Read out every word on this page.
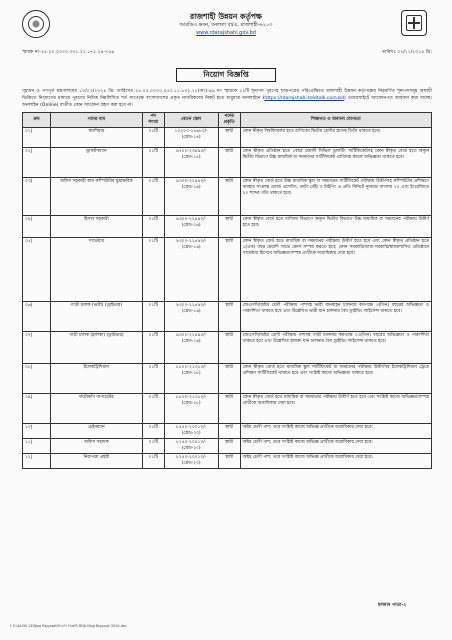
রাজশাহী উন্নয়ন কর্তৃপক্ষ
আরডিএ ভবন, বনলতা বা/এ, রাজশাহী-৬২০৩
www.rdarajshahi.gov.bd
স্মারক নং-২৫.০০.০০০০.০৩১.১১.১৭২.২৪-৭২৬	তারিখঃ ০৭/১১/২০২৪ খ্রি:
নিয়োগ বিজ্ঞপ্তি
গৃহায়ন ও গণপূর্ত মন্ত্রণালয়ের ১০/০৩/২০২৪ খ্রি: তারিখের ২৫.০০.০০০০.০৫৩.১১.৫৩২.২২(অং)-৯৯ নং স্মারকে ১২টি শূন্যপদ পূরণের ছাড়পত্রের পরিপ্রেক্ষিতে রাজশাহী উন্নয়ন কর্তৃপক্ষের নিম্নবর্ণিত শূন্যপদসমূহ অস্থায়ী ভিত্তিতে নিয়োগের মাধ্যমে পূরণের নিমিত্ত নিম্নলিখিত শর্ত সাপেক্ষে বাংলাদেশের প্রকৃত নাগরিকদের নিকট হতে শুধুমাত্র অনলাইনে (https://rdarajshahi.teletalk.com.bd) ওয়েবসাইটে আবেদনপত্র আহবান করা যাচ্ছে। অনলাইন (Online) ব্যতীত কোন আবেদন গ্রহণ করা হবে না।
ক্রম	পদের নাম	পদ সংখ্যা	বেতন স্কেল	পদের প্রকৃতি	শিক্ষাগত ও অন্যান্য যোগ্যতা
০১|	ক্যাশিয়ার	০১টি	১০২০০-২৪৬৮০/- (গ্রেড-১৪)	স্থায়ী	কোন স্বীকৃত বিশ্ববিদ্যালয় হতে বাণিজ্যে দ্বিতীয় শ্রেণীর স্নাতক ডিগ্রি থাকতে হবে।
০২|	ড্রাফটসম্যান	০১টি	৯৭০০-২৩৪৯০/- (গ্রেড-১৫)	স্থায়ী	কোন স্বীকৃত প্রতিষ্ঠান হতে ১বছর মেয়াদী সিভিল ড্রাফটিং সার্টিফিকেটসহ কোন স্বীকৃত বোর্ড হতে অন্যূন দ্বিতীয় বিভাগে উচ্চ মাধ্যমিক বা সমমানের সার্টিফিকেট প্রাপ্তিসহ কাজে অভিজ্ঞতা থাকতে হবে।
০৩|	অফিস সহকারী কাম কম্পিউটার মুদ্রাক্ষরিক	০১টি	৯৩০০-২২৪৯০/- (গ্রেড-১৬)	স্থায়ী	কোন স্বীকৃত বোর্ড হতে উচ্চ মাধ্যমিক স্কুল বা সমমানের সার্টিফিকেট পরীক্ষায় উত্তীর্ণসহ কম্পিউটার প্রশিক্ষণে ব্যবহার সংক্রান্ত ওয়ার্ড প্রসেসিং, ডাটা এন্ট্রি ও টাইপিং এ প্রতি মিনিটে ন্যূনতম বাংলায় ২০ এবং ইংরেজিতে ২০ শব্দের গতি থাকতে হবে।
০৪|	হিসাব সহকারী	০১টি	৯৩০০-২২৪৯০/- (গ্রেড-১৬)	স্থায়ী	কোন স্বীকৃত বোর্ড হতে বাণিজ্য বিভাগে অন্যূন দ্বিতীয় বিভাগে উচ্চ মাধ্যমিক বা সমমানের পরীক্ষায় উত্তীর্ণ হতে হবে।
০৫|	সার্ভেয়ার	০১টি	৯৩০০-২২৪৯০/- (গ্রেড-১৬)	স্থায়ী	কোন স্বীকৃত বোর্ড হতে মাধ্যমিক বা সমমানের পরীক্ষায় উত্তীর্ণ হতে হবে এবং কোন স্বীকৃত প্রতিষ্ঠান হতে ১(এক) বছর মেয়াদি সার্ভে কোর্স সম্পন্ন করতে হবে; কোন সরকারি/আধা-সরকারি/স্বায়ত্তশাসিত প্রতিষ্ঠানে সার্ভেয়ার হিসেবে অভিজ্ঞতাসম্পন্ন প্রার্থীকে অগ্রাধিকার দেয়া হবে।
০৬|	গাড়ী চালক (ভারী) (ড্রাইভার)	০১টি	৯৩০০-২২৪৯০/- (গ্রেড-১৬)	স্থায়ী	জেএসসি/অষ্টম শ্রেণী পরীক্ষায় পাশসহ ভারী যানবাহন চালনায় কমপক্ষে ৩(তিন) বছরের অভিজ্ঞতা ও পারদর্শিতা থাকতে হবে এবং উল্লেখিত ভারী যান চালনার বৈধ ড্রাইভিং লাইসেন্স থাকতে হবে।
০৭|	গাড়ী চালক (হালকা) (ড্রাইভার)	০১টি	৯৩০০-২২৪৯০/- (গ্রেড-১৬)	স্থায়ী	জেএসসি/অষ্টম শ্রেণী পরীক্ষায় পাশসহ গাড়ী চালনায় কমপক্ষে ০৩(তিন) বছরের অভিজ্ঞতা ও পারদর্শিতা থাকতে হবে এবং উল্লেখিত হালকা যান চালনার বৈধ ড্রাইভিং লাইসেন্স থাকতে হবে।
০৮|	ইলেকট্রিশিয়ান	০১টি	৮৮০০-২১৩১০/- (গ্রেড-১৮)	স্থায়ী	কোন স্বীকৃত বোর্ড হতে মাধ্যমিক স্কুল সার্টিফিকেট বা সমমানের পরীক্ষায় উত্তীর্ণসহ ইলেকট্রিশিয়ান ট্রেডে প্রশিক্ষণ সার্টিফিকেট থাকতে হবে এবং সংশ্লিষ্ট কাজে অভিজ্ঞতা থাকতে হবে।
০৯|	ফটোকপি অপারেটর	০১টি	৮৮০০-২১৩১০/- (গ্রেড-১৮)	স্থায়ী	কোন স্বীকৃত বোর্ড হতে মাধ্যমিক বা সমমানের পরীক্ষায় উত্তীর্ণ হতে হবে এবং সংশ্লিষ্ট কাজে অভিজ্ঞতাসম্পন্ন প্রার্থীকে অগ্রাধিকার দেয়া হবে।
১০|	চেইনম্যান	০১টি	৮২৫০-২০০১০/- (গ্রেড-২০)	স্থায়ী	অষ্টম শ্রেণী পাশ; তবে সংশ্লিষ্ট কাজে অভিজ্ঞ প্রার্থীকে অগ্রাধিকার দেয়া হবে।
১১|	অফিস সহায়ক	০১টি	৮২৫০-২০০১০/- (গ্রেড-২০)	স্থায়ী	অষ্টম শ্রেণী পাশ; তবে সংশ্লিষ্ট কাজে অভিজ্ঞ প্রার্থীকে অগ্রাধিকার দেয়া হবে।
১২|	নিরাপত্তা প্রহরী	০১টি	৮২৫০-২০০১০/- (গ্রেড-২০)	স্থায়ী	অষ্টম শ্রেণী পাশ; তবে সংশ্লিষ্ট কাজে অভিজ্ঞ প্রার্থীকে অগ্রাধিকার দেয়া হবে।
চলমান পাতা-২
I: E:\ALON 13\Nieg Bigyopti\নিয়োগ বিজ্ঞপ্তি RDA Niog Bigyopti 2024.doc
